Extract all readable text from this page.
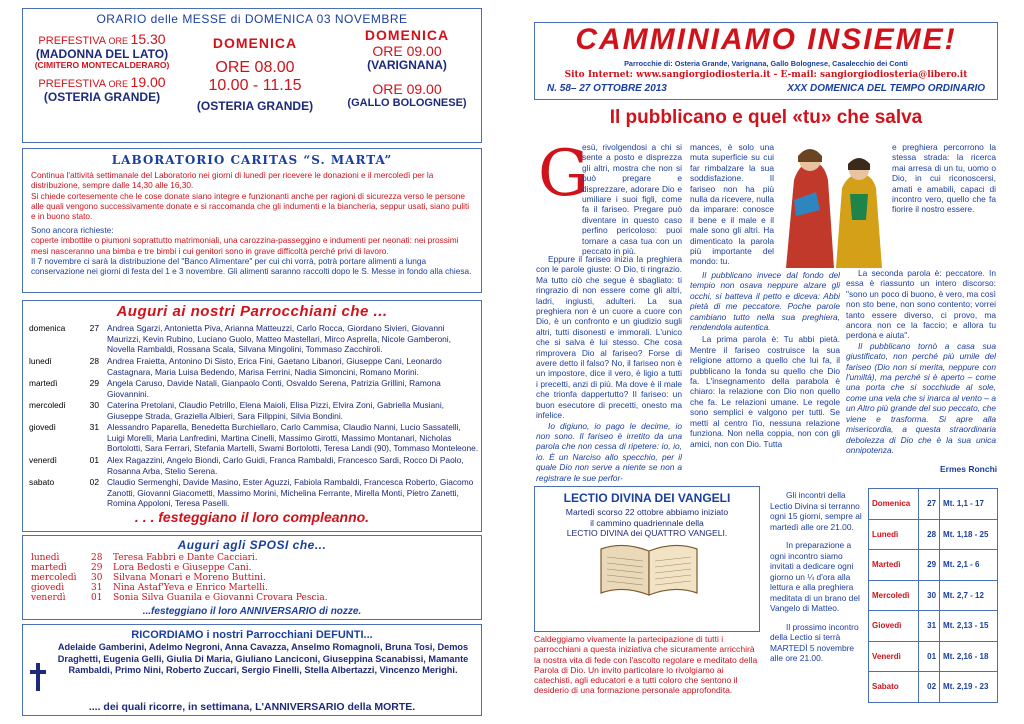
ORARIO delle MESSE di DOMENICA 03 NOVEMBRE
PREFESTIVA ORE 15.30
(MADONNA DEL LATO)
(CIMITERO MONTECALDERARO)
PREFESTIVA ORE 19.00
(OSTERIA GRANDE)
DOMENICA
ORE 08.00
10.00 - 11.15
(OSTERIA GRANDE)
DOMENICA
ORE 09.00
(VARIGNANA)
ORE 09.00
(GALLO BOLOGNESE)
LABORATORIO CARITAS “S. MARTA”

Continua l'attività settimanale del Laboratorio nei giorni di lunedì per ricevere le donazioni e il mercoledì per la distribuzione, sempre dalle 14,30 alle 16,30.

Si chiede cortesemente che le cose donate siano integre e funzionanti anche per ragioni di sicurezza verso le persone alle quali vengono successivamente donate e si raccomanda che gli indumenti e la biancheria, seppur usati, siano puliti e in buono stato.

Sono ancora richieste:

coperte imbottite o piumoni soprattutto matrimoniali, una carozzina-passeggino e indumenti per neonati: nei prossimi mesi nasceranno una bimba e tre bimbi i cui genitori sono in grave difficoltà perché privi di lavoro.

Il 7 novembre ci sarà la distribuzione del "Banco Alimentare" per cui chi vorrà, potrà portare alimenti a lunga conservazione nei giorni di festa del 1 e 3 novembre. Gli alimenti saranno raccolti dopo le S. Messe in fondo alla chiesa.

Auguri ai nostri Parrocchiani che ...
domenica	27 Andrea Sgarzi, Antonietta Piva, Arianna Matteuzzi, Carlo Rocca, Giordano Sivieri, Giovanni Maurizzi, Kevin Rubino, Luciano Guolo, Matteo Mastellari, Mirco Asprella, Nicole Gamberoni, Novella Rambaldi, Rossana Scala, Silvana Mingolini, Tommaso Zacchiroli.
lunedì	28 Andrea Fraietta, Antonino Di Sisto, Erica Fini, Gaetano Libanori, Giuseppe Cani, Leonardo Castagnara, Maria Luisa Bedendo, Marisa Ferrini, Nadia Simoncini, Romano Morini.
martedì	29 Angela Caruso, Davide Natali, Gianpaolo Conti, Osvaldo Serena, Patrizia Grillini, Ramona Giovannini.
mercoledì	30 Caterina Pretolani, Claudio Petrillo, Elena Maioli, Elisa Pizzi, Elvira Zoni, Gabriella Musiani, Giuseppe Strada, Graziella Albieri, Sara Filippini, Silvia Bondini.
giovedì	31 Alessandro Paparella, Benedetta Burchiellaro, Carlo Cammisa, Claudio Nanni, Lucio Sassatelli, Luigi Morelli, Maria Lanfredini, Martina Cinelli, Massimo Girotti, Massimo Montanari, Nicholas Bortolotti, Sara Ferrari, Stefania Martelli, Swami Bortolotti, Teresa Landi (90), Tommaso Monteleone.
venerdì	01 Alex Ragazzini, Angelo Biondi, Carlo Guidi, Franca Rambaldi, Francesco Sardi, Rocco Di Paolo, Rosanna Arba, Stelio Serena.
sabato	02 Claudio Sermenghi, Davide Masino, Ester Aguzzi, Fabiola Rambaldi, Francesca Roberto, Giacomo Zanotti, Giovanni Giacometti, Massimo Morini, Michelina Ferrante, Mirella Monti, Pietro Zanetti, Romina Appoloni, Teresa Paselli.
. . . festeggiano il loro compleanno.
Auguri agli SPOSI che...
lunedì	28 Teresa Fabbri e Dante Cacciari.
martedì	29 Lora Bedosti e Giuseppe Cani.
mercoledì 30 Silvana Monari e Moreno Buttini.
giovedì	31 Nina Astaf'Yeva e Enrico Martelli.
venerdì	01 Sonia Silva Guanila e Giovanni Crovara Pescia.
...festeggiano il loro ANNIVERSARIO di nozze.
RICORDIAMO i nostri Parrocchiani DEFUNTI...
Adelaide Gamberini, Adelmo Negroni, Anna Cavazza, Anselmo Romagnoli, Bruna Tosi, Demos Draghetti, Eugenia Gelli, Giulia Di Maria, Giuliano Lanciconi, Giuseppina Scanabissi, Mamante Rambaldi, Primo Nini, Roberto Zuccari, Sergio Finelli, Stella Albertazzi, Vincenzo Merighi.
.... dei quali ricorre, in settimana, L'ANNIVERSARIO della MORTE.
CAMMINIAMO INSIEME!
Parrocchie di: Osteria Grande, Varignana, Gallo Bolognese, Casalecchio dei Conti
Sito Internet: www.sangiorgiodiosteria.it - E-mail: sangiorgiodiosteria@libero.it
N. 58– 27 OTTOBRE 2013	XXX DOMENICA DEL TEMPO ORDINARIO
Il pubblicano e quel «tu» che salva
G

esù, rivolgendosi a chi si sente a posto e disprezza gli altri, mostra che non si può pregare e disprezzare, adorare Dio e umiliare i suoi figli, come fa il fariseo. Pregare può diventare in questo caso perfino pericoloso: puoi tornare a casa tua con un peccato in più.

Eppure il fariseo inizia la preghiera con le parole giuste: O Dio, ti ringrazio. Ma tutto ciò che segue è sbagliato: ti ringrazio di non essere come gli altri, ladri, ingiusti, adulteri. La sua preghiera non è un cuore a cuore con Dio, è un confronto e un giudizio sugli altri, tutti disonesti e immorali. L'unico che si salva è lui stesso. Che cosa rimprovera Dio al fariseo? Forse di avere detto il falso? No, il fariseo non è un impostore, dice il vero, è ligio a tutti i precetti, anzi di più. Ma dove è il male che trionfa dappertutto? Il fariseo: un buon esecutore di precetti, onesto ma infelice.

Io digiuno, io pago le decime, io non sono. Il fariseo è irretito da una parola che non cessa di ripetere: io, io, io. È un Narciso allo specchio, per il quale Dio non serve a niente se non a registrare le sue perfor-

mances, è solo una muta superficie su cui far rimbalzare la sua soddisfazione. Il fariseo non ha più nulla da ricevere, nulla da imparare: conosce il bene e il male e il male sono gli altri. Ha dimenticato la parola più importante del mondo: tu.

Il pubblicano invece dal fondo del tempio non osava neppure alzare gli occhi, si batteva il petto e diceva: Abbi pietà di me peccatore. Poche parole cambiano tutto nella sua preghiera, rendendola autentica.

La prima parola è: Tu abbi pietà. Mentre il fariseo costruisce la sua religione attorno a quello che lui fa, il pubblicano la fonda su quello che Dio fa. L'insegnamento della parabola è chiaro: la relazione con Dio non quello che fa. Le relazioni umane. Le regole sono semplici e valgono per tutti. Se metti al centro l'io, nessuna relazione funziona. Non nella coppia, non con gli amici, non con Dio. Tutta

e preghiera percorrono la stessa strada: la ricerca mai arresa di un tu, uomo o Dio, in cui riconoscersi, amati e amabili, capaci di incontro vero, quello che fa fiorire il nostro essere.

La seconda parola è: peccatore. In essa è riassunto un intero discorso: "sono un poco di buono, è vero, ma così non sto bene, non sono contento; vorrei tanto essere diverso, ci provo, ma ancora non ce la faccio; e allora tu perdona e aiuta".

Il pubblicano tornò a casa sua giustificato, non perché più umile del fariseo (Dio non si merita, neppure con l'umiltà), ma perché si è aperto – come una porta che si socchiude al sole, come una vela che si inarca al vento – a un Altro più grande del suo peccato, che viene e trasforma. Si apre alla misericordia, a questa straordinaria debolezza di Dio che è la sua unica onnipotenza.

Ermes Ronchi
LECTIO DIVINA DEI VANGELI
Martedì scorso 22 ottobre abbiamo iniziato
il cammino quadriennale della
LECTIO DIVINA dei QUATTRO VANGELI.
Caldeggiamo vivamente la partecipazione di tutti i parrocchiani a questa iniziativa che sicuramente arricchirà la nostra vita di fede con l'ascolto regolare e meditato della Parola di Dio. Un invito particolare lo rivolgiamo ai catechisti, agli educatori e a tutti coloro che sentono il desiderio di una formazione personale approfondita.

Gli incontri della Lectio Divina si terranno ogni 15 giorni, sempre al martedì alle ore 21.00.

In preparazione a ogni incontro siamo invitati a dedicare ogni giorno un ¼ d'ora alla lettura e alla preghiera meditata di un brano del Vangelo di Matteo.

Il prossimo incontro della Lectio si terrà MARTEDÌ 5 novembre alle ore 21.00.

Domenica	27	Mt. 1,1 - 17
Lunedì	28	Mt. 1,18 - 25
Martedì	29	Mt. 2,1 - 6
Mercoledì	30	Mt. 2,7 - 12
Giovedì	31	Mt. 2,13 - 15
Venerdì	01	Mt. 2,16 - 18
Sabato	02	Mt. 2,19 - 23
